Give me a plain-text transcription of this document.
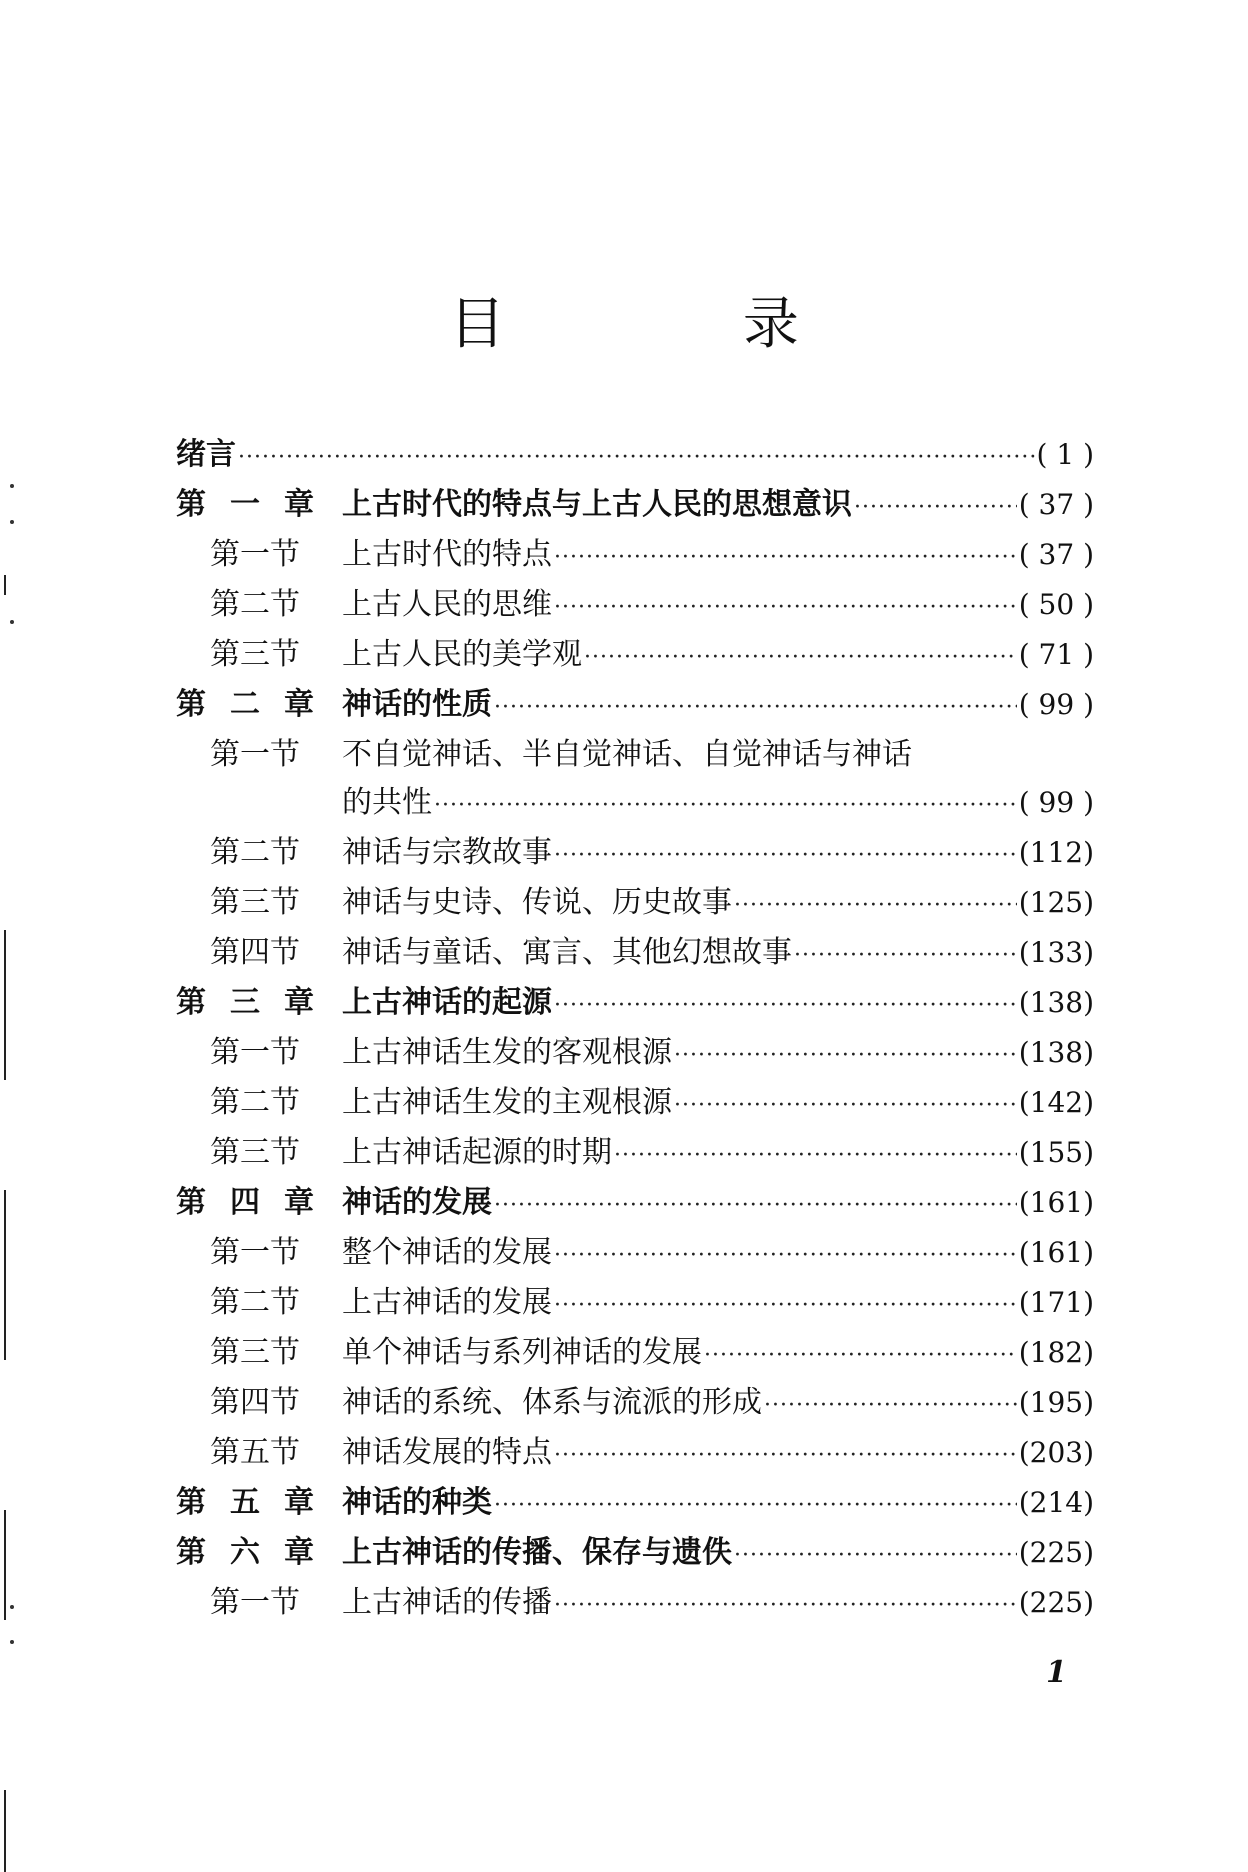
目 录
绪言 ·····	( 1 )
第一章 上古时代的特点与上古人民的思想意识 ·····	( 37 )
第一节	上古时代的特点 ·····	( 37 )
第二节	上古人民的思维 ·····	( 50 )
第三节	上古人民的美学观 ·····	( 71 )
第二章 神话的性质 ·····	( 99 )
第一节	不自觉神话、半自觉神话、自觉神话与神话
的共性 ·····	( 99 )
第二节	神话与宗教故事 ·····	(112)
第三节	神话与史诗、传说、历史故事 ·····	(125)
第四节	神话与童话、寓言、其他幻想故事 ·····	(133)
第三章 上古神话的起源 ·····	(138)
第一节	上古神话生发的客观根源 ·····	(138)
第二节	上古神话生发的主观根源 ·····	(142)
第三节	上古神话起源的时期 ·····	(155)
第四章 神话的发展 ·····	(161)
第一节	整个神话的发展 ·····	(161)
第二节	上古神话的发展 ·····	(171)
第三节	单个神话与系列神话的发展 ·····	(182)
第四节	神话的系统、体系与流派的形成 ·····	(195)
第五节	神话发展的特点 ·····	(203)
第五章 神话的种类 ·····	(214)
第六章 上古神话的传播、保存与遗佚 ·····	(225)
第一节	上古神话的传播 ·····	(225)
1
